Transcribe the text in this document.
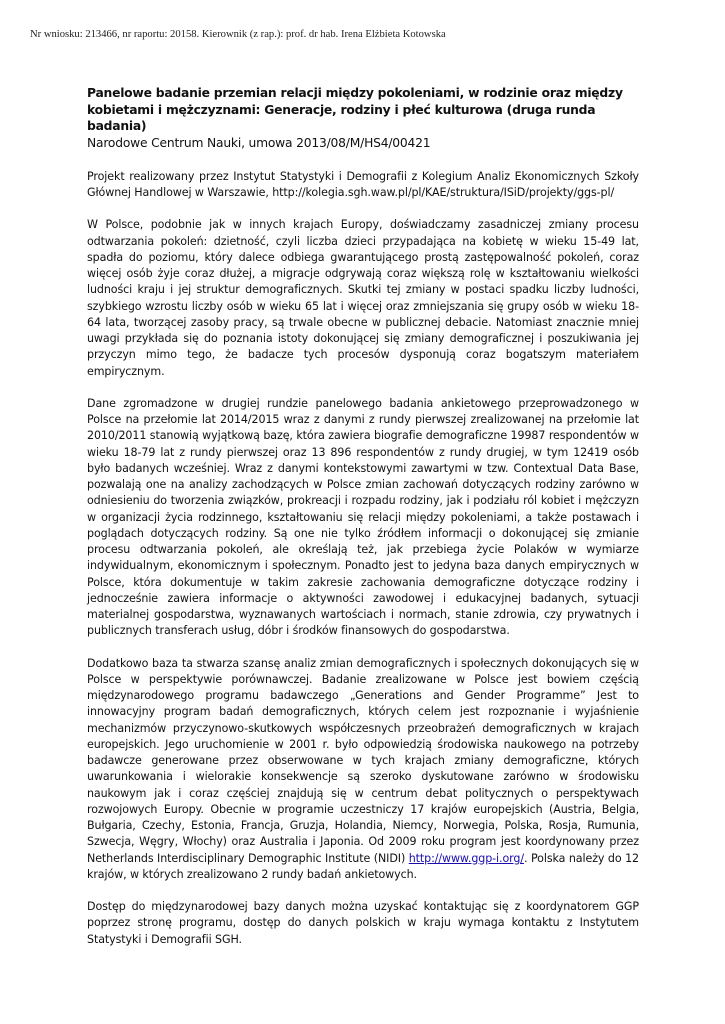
Nr wniosku: 213466, nr raportu: 20158. Kierownik (z rap.): prof. dr hab. Irena Elżbieta Kotowska

Panelowe badanie przemian relacji między pokoleniami, w rodzinie oraz między kobietami i mężczyznami: Generacje, rodziny i płeć kulturowa (druga runda badania)

Narodowe Centrum Nauki, umowa 2013/08/M/HS4/00421

Projekt realizowany przez Instytut Statystyki i Demografii z Kolegium Analiz Ekonomicznych Szkoły Głównej Handlowej w Warszawie, http://kolegia.sgh.waw.pl/pl/KAE/struktura/ISiD/projekty/ggs-pl/

W Polsce, podobnie jak w innych krajach Europy, doświadczamy zasadniczej zmiany procesu odtwarzania pokoleń: dzietność, czyli liczba dzieci przypadająca na kobietę w wieku 15-49 lat, spadła do poziomu, który dalece odbiega gwarantującego prostą zastępowalność pokoleń, coraz więcej osób żyje coraz dłużej, a migracje odgrywają coraz większą rolę w kształtowaniu wielkości ludności kraju i jej struktur demograficznych. Skutki tej zmiany w postaci spadku liczby ludności, szybkiego wzrostu liczby osób w wieku 65 lat i więcej oraz zmniejszania się grupy osób w wieku 18-64 lata, tworzącej zasoby pracy, są trwale obecne w publicznej debacie. Natomiast znacznie mniej uwagi przykłada się do poznania istoty dokonującej się zmiany demograficznej i poszukiwania jej przyczyn mimo tego, że badacze tych procesów dysponują coraz bogatszym materiałem empirycznym.

Dane zgromadzone w drugiej rundzie panelowego badania ankietowego przeprowadzonego w Polsce na przełomie lat 2014/2015 wraz z danymi z rundy pierwszej zrealizowanej na przełomie lat 2010/2011 stanowią wyjątkową bazę, która zawiera biografie demograficzne 19987 respondentów w wieku 18-79 lat z rundy pierwszej oraz 13 896 respondentów z rundy drugiej, w tym 12419 osób było badanych wcześniej. Wraz z danymi kontekstowymi zawartymi w tzw. Contextual Data Base, pozwalają one na analizy zachodzących w Polsce zmian zachowań dotyczących rodziny zarówno w odniesieniu do tworzenia związków, prokreacji i rozpadu rodziny, jak i podziału ról kobiet i mężczyzn w organizacji życia rodzinnego, kształtowaniu się relacji między pokoleniami, a także postawach i poglądach dotyczących rodziny. Są one nie tylko źródłem informacji o dokonującej się zmianie procesu odtwarzania pokoleń, ale określają też, jak przebiega życie Polaków w wymiarze indywidualnym, ekonomicznym i społecznym. Ponadto jest to jedyna baza danych empirycznych w Polsce, która dokumentuje w takim zakresie zachowania demograficzne dotyczące rodziny i jednocześnie zawiera informacje o aktywności zawodowej i edukacyjnej badanych, sytuacji materialnej gospodarstwa, wyznawanych wartościach i normach, stanie zdrowia, czy prywatnych i publicznych transferach usług, dóbr i środków finansowych do gospodarstwa.

Dodatkowo baza ta stwarza szansę analiz zmian demograficznych i społecznych dokonujących się w Polsce w perspektywie porównawczej. Badanie zrealizowane w Polsce jest bowiem częścią międzynarodowego programu badawczego „Generations and Gender Programme” Jest to innowacyjny program badań demograficznych, których celem jest rozpoznanie i wyjaśnienie mechanizmów przyczynowo-skutkowych współczesnych przeobrażeń demograficznych w krajach europejskich. Jego uruchomienie w 2001 r. było odpowiedzią środowiska naukowego na potrzeby badawcze generowane przez obserwowane w tych krajach zmiany demograficzne, których uwarunkowania i wielorakie konsekwencje są szeroko dyskutowane zarówno w środowisku naukowym jak i coraz częściej znajdują się w centrum debat politycznych o perspektywach rozwojowych Europy. Obecnie w programie uczestniczy 17 krajów europejskich (Austria, Belgia, Bułgaria, Czechy, Estonia, Francja, Gruzja, Holandia, Niemcy, Norwegia, Polska, Rosja, Rumunia, Szwecja, Węgry, Włochy) oraz Australia i Japonia. Od 2009 roku program jest koordynowany przez Netherlands Interdisciplinary Demographic Institute (NIDI) http://www.ggp-i.org/. Polska należy do 12 krajów, w których zrealizowano 2 rundy badań ankietowych.

Dostęp do międzynarodowej bazy danych można uzyskać kontaktując się z koordynatorem GGP poprzez stronę programu, dostęp do danych polskich w kraju wymaga kontaktu z Instytutem Statystyki i Demografii SGH.
